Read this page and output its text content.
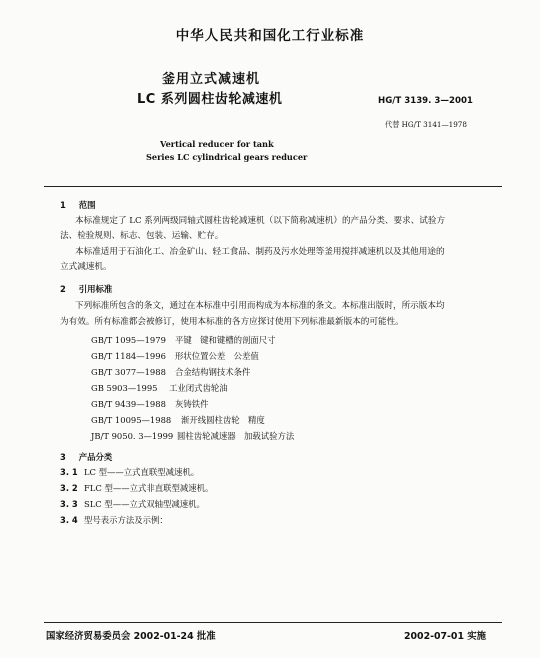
中华人民共和国化工行业标准
釜用立式减速机
LC 系列圆柱齿轮减速机	HG/T 3139. 3—2001
代替 HG/T 3141—1978
Vertical reducer for tank
Series LC cylindrical gears reducer
1 范围
本标准规定了 LC 系列两级同轴式圆柱齿轮减速机（以下简称减速机）的产品分类、要求、试验方
法、检验规则、标志、包装、运输、贮存。
本标准适用于石油化工、冶金矿山、轻工食品、制药及污水处理等釜用搅拌减速机以及其他用途的
立式减速机。
2 引用标准
下列标准所包含的条文，通过在本标准中引用而构成为本标准的条文。本标准出版时，所示版本均
为有效。所有标准都会被修订，使用本标准的各方应探讨使用下列标准最新版本的可能性。
GB/T 1095—1979 平键　键和键槽的剖面尺寸
GB/T 1184—1996 形状位置公差　公差值
GB/T 3077—1988 合金结构钢技术条件
GB 5903—1995 工业闭式齿轮油
GB/T 9439—1988 灰铸铁件
GB/T 10095—1988 渐开线圆柱齿轮　精度
JB/T 9050. 3—1999 圆柱齿轮减速器　加载试验方法
3 产品分类
3. 1 LC 型——立式直联型减速机。
3. 2 FLC 型——立式非直联型减速机。
3. 3 SLC 型——立式双轴型减速机。
3. 4 型号表示方法及示例：
国家经济贸易委员会 2002-01-24 批准	2002-07-01 实施
